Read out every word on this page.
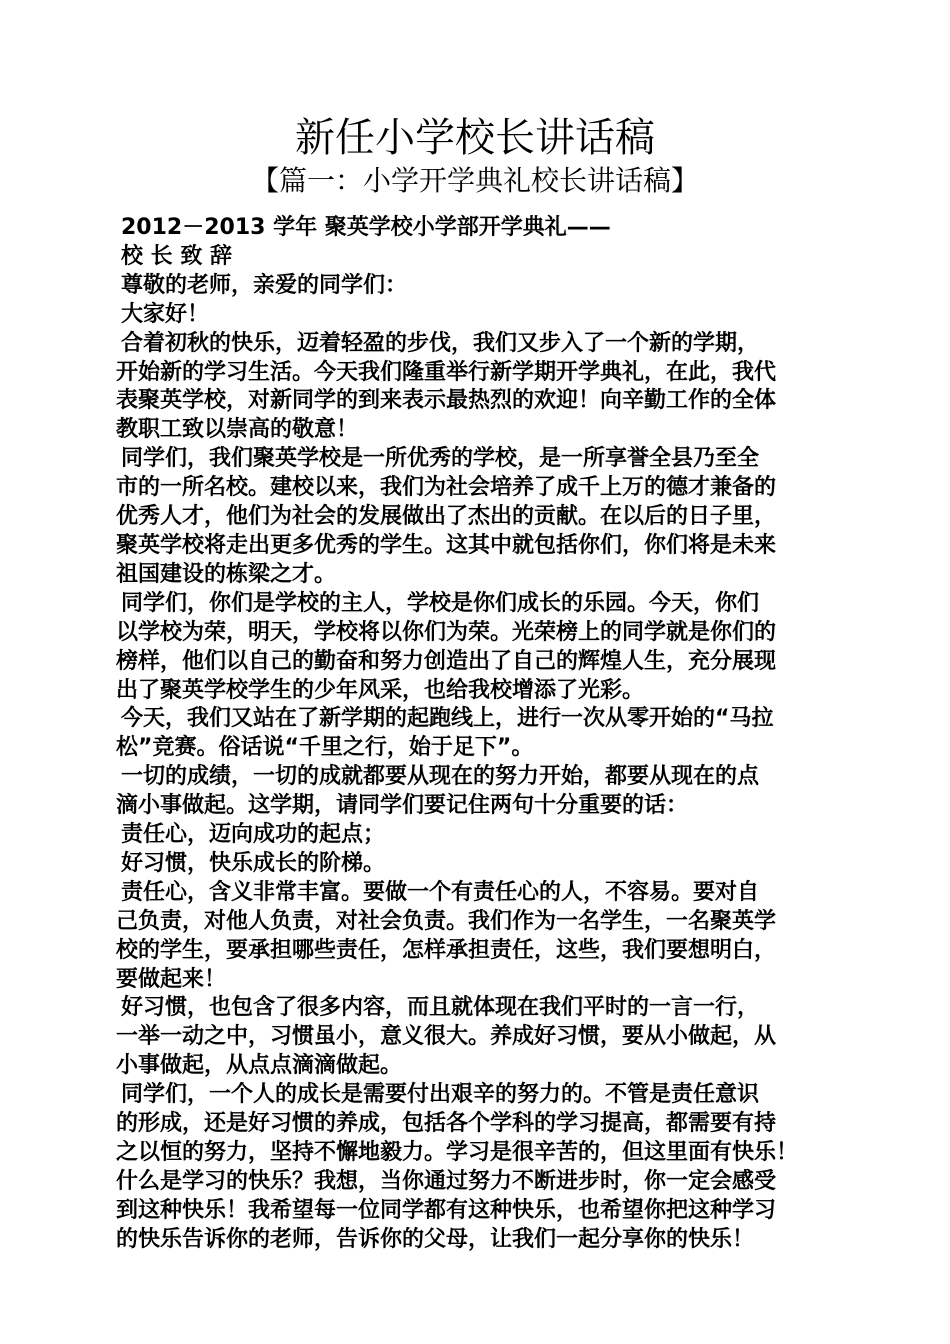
新任小学校长讲话稿
【篇一：小学开学典礼校长讲话稿】
2012－2013 学年 聚英学校小学部开学典礼——
校 长 致 辞
尊敬的老师，亲爱的同学们：
大家好！
合着初秋的快乐，迈着轻盈的步伐，我们又步入了一个新的学期，
开始新的学习生活。今天我们隆重举行新学期开学典礼，在此，我代
表聚英学校，对新同学的到来表示最热烈的欢迎！向辛勤工作的全体
教职工致以崇高的敬意！
同学们，我们聚英学校是一所优秀的学校，是一所享誉全县乃至全
市的一所名校。建校以来，我们为社会培养了成千上万的德才兼备的
优秀人才，他们为社会的发展做出了杰出的贡献。在以后的日子里，
聚英学校将走出更多优秀的学生。这其中就包括你们，你们将是未来
祖国建设的栋梁之才。
同学们，你们是学校的主人，学校是你们成长的乐园。今天，你们
以学校为荣，明天，学校将以你们为荣。光荣榜上的同学就是你们的
榜样，他们以自己的勤奋和努力创造出了自己的辉煌人生，充分展现
出了聚英学校学生的少年风采，也给我校增添了光彩。
今天，我们又站在了新学期的起跑线上，进行一次从零开始的“马拉
松”竞赛。俗话说“千里之行，始于足下”。
一切的成绩，一切的成就都要从现在的努力开始，都要从现在的点
滴小事做起。这学期，请同学们要记住两句十分重要的话：
责任心，迈向成功的起点；
好习惯，快乐成长的阶梯。
责任心，含义非常丰富。要做一个有责任心的人，不容易。要对自
己负责，对他人负责，对社会负责。我们作为一名学生，一名聚英学
校的学生，要承担哪些责任，怎样承担责任，这些，我们要想明白，
要做起来！
好习惯，也包含了很多内容，而且就体现在我们平时的一言一行，
一举一动之中，习惯虽小，意义很大。养成好习惯，要从小做起，从
小事做起，从点点滴滴做起。
同学们，一个人的成长是需要付出艰辛的努力的。不管是责任意识
的形成，还是好习惯的养成，包括各个学科的学习提高，都需要有持
之以恒的努力，坚持不懈地毅力。学习是很辛苦的，但这里面有快乐！
什么是学习的快乐？我想，当你通过努力不断进步时，你一定会感受
到这种快乐！我希望每一位同学都有这种快乐，也希望你把这种学习
的快乐告诉你的老师，告诉你的父母，让我们一起分享你的快乐！
